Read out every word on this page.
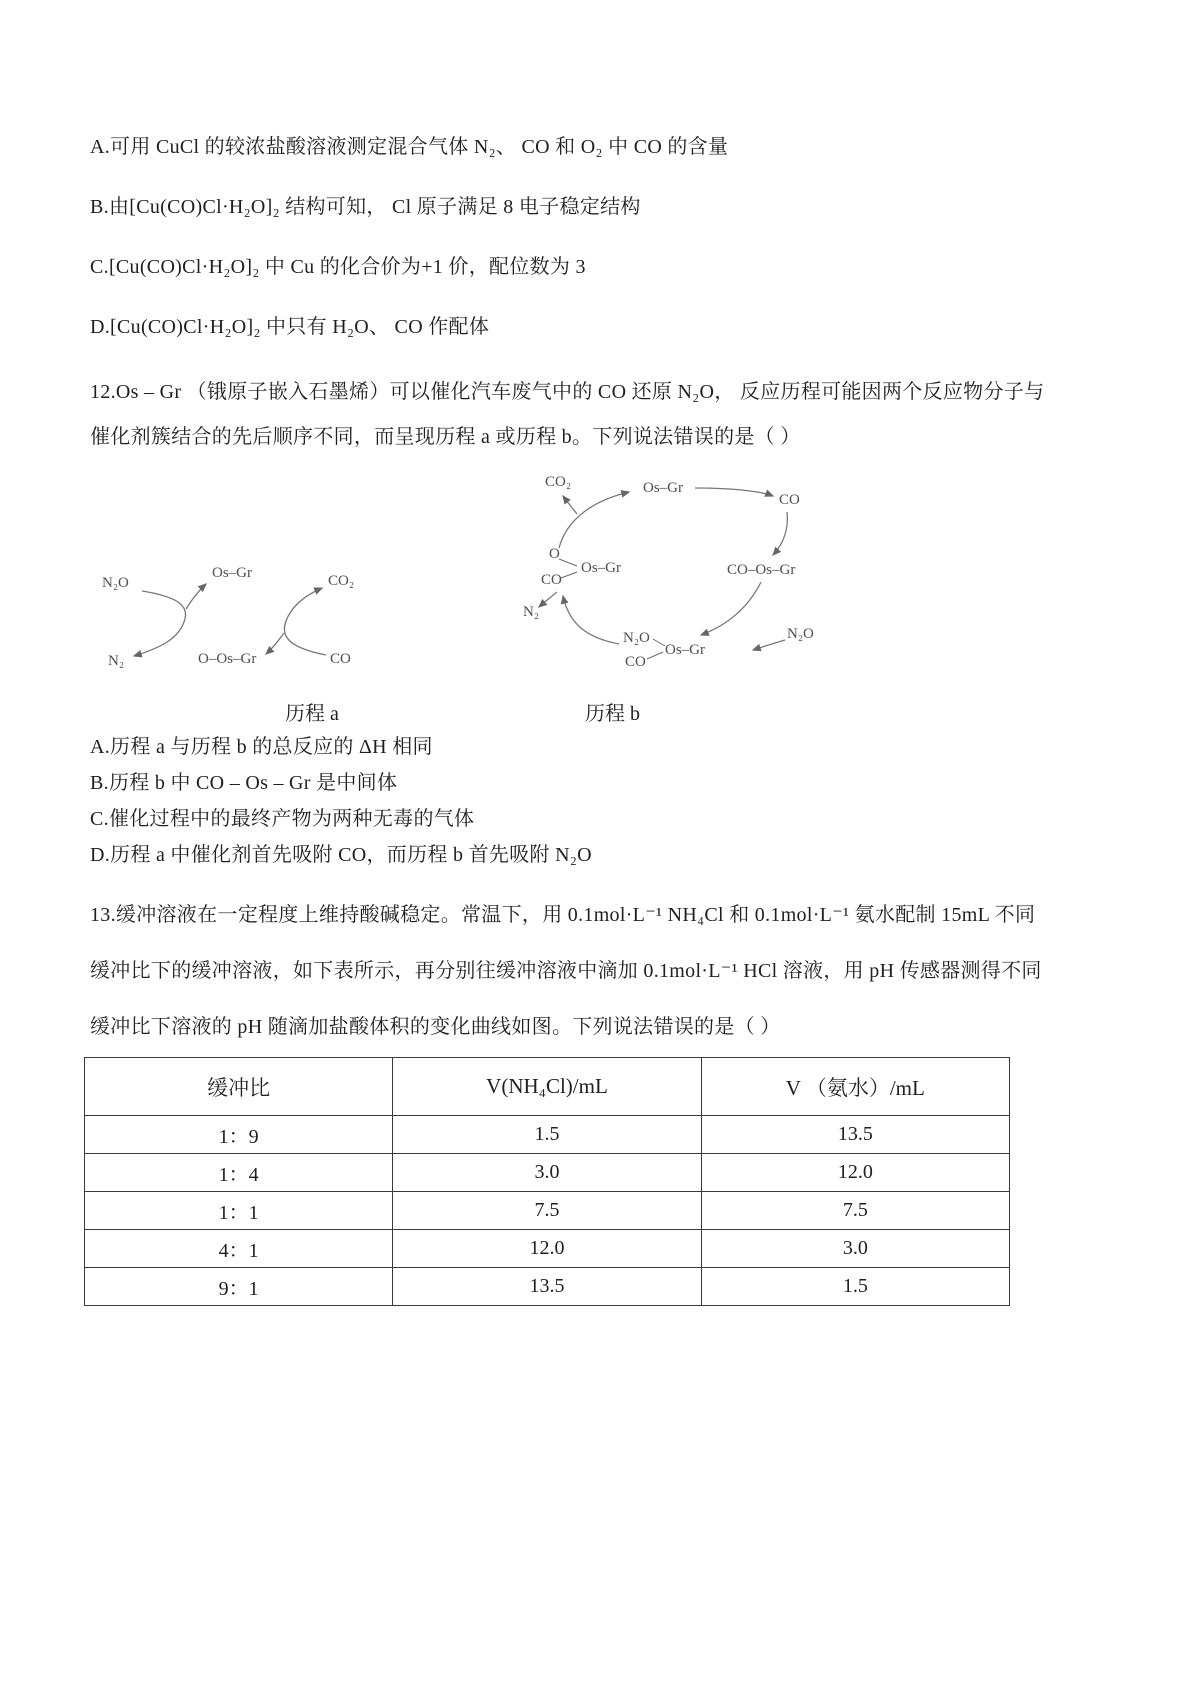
A.可用 CuCl 的较浓盐酸溶液测定混合气体 N₂、 CO 和 O₂ 中 CO 的含量
B.由[Cu(CO)Cl·H₂O]₂ 结构可知， Cl 原子满足 8 电子稳定结构
C.[Cu(CO)Cl·H₂O]₂ 中 Cu 的化合价为+1 价，配位数为 3
D.[Cu(CO)Cl·H₂O]₂ 中只有 H₂O、 CO 作配体
12.Os – Gr （锇原子嵌入石墨烯）可以催化汽车废气中的 CO 还原 N₂O， 反应历程可能因两个反应物分子与
催化剂簇结合的先后顺序不同，而呈现历程 a 或历程 b。下列说法错误的是（ ）
N₂O
Os–Gr	CO₂
N₂	O–Os–Gr	CO
CO₂	Os–Gr
CO
O
Os–Gr
CO
CO–Os–Gr
N₂
N₂O
Os–Gr
CO
N₂O
历程 a	历程 b
A.历程 a 与历程 b 的总反应的 ΔH 相同
B.历程 b 中 CO – Os – Gr 是中间体
C.催化过程中的最终产物为两种无毒的气体
D.历程 a 中催化剂首先吸附 CO，而历程 b 首先吸附 N₂O
13.缓冲溶液在一定程度上维持酸碱稳定。常温下，用 0.1mol·L⁻¹ NH₄Cl 和 0.1mol·L⁻¹ 氨水配制 15mL 不同
缓冲比下的缓冲溶液，如下表所示，再分别往缓冲溶液中滴加 0.1mol·L⁻¹ HCl 溶液，用 pH 传感器测得不同
缓冲比下溶液的 pH 随滴加盐酸体积的变化曲线如图。下列说法错误的是（ ）
缓冲比	V(NH₄Cl)/mL	V （氨水）/mL
1：9	1.5	13.5
1：4	3.0	12.0
1：1	7.5	7.5
4：1	12.0	3.0
9：1	13.5	1.5
